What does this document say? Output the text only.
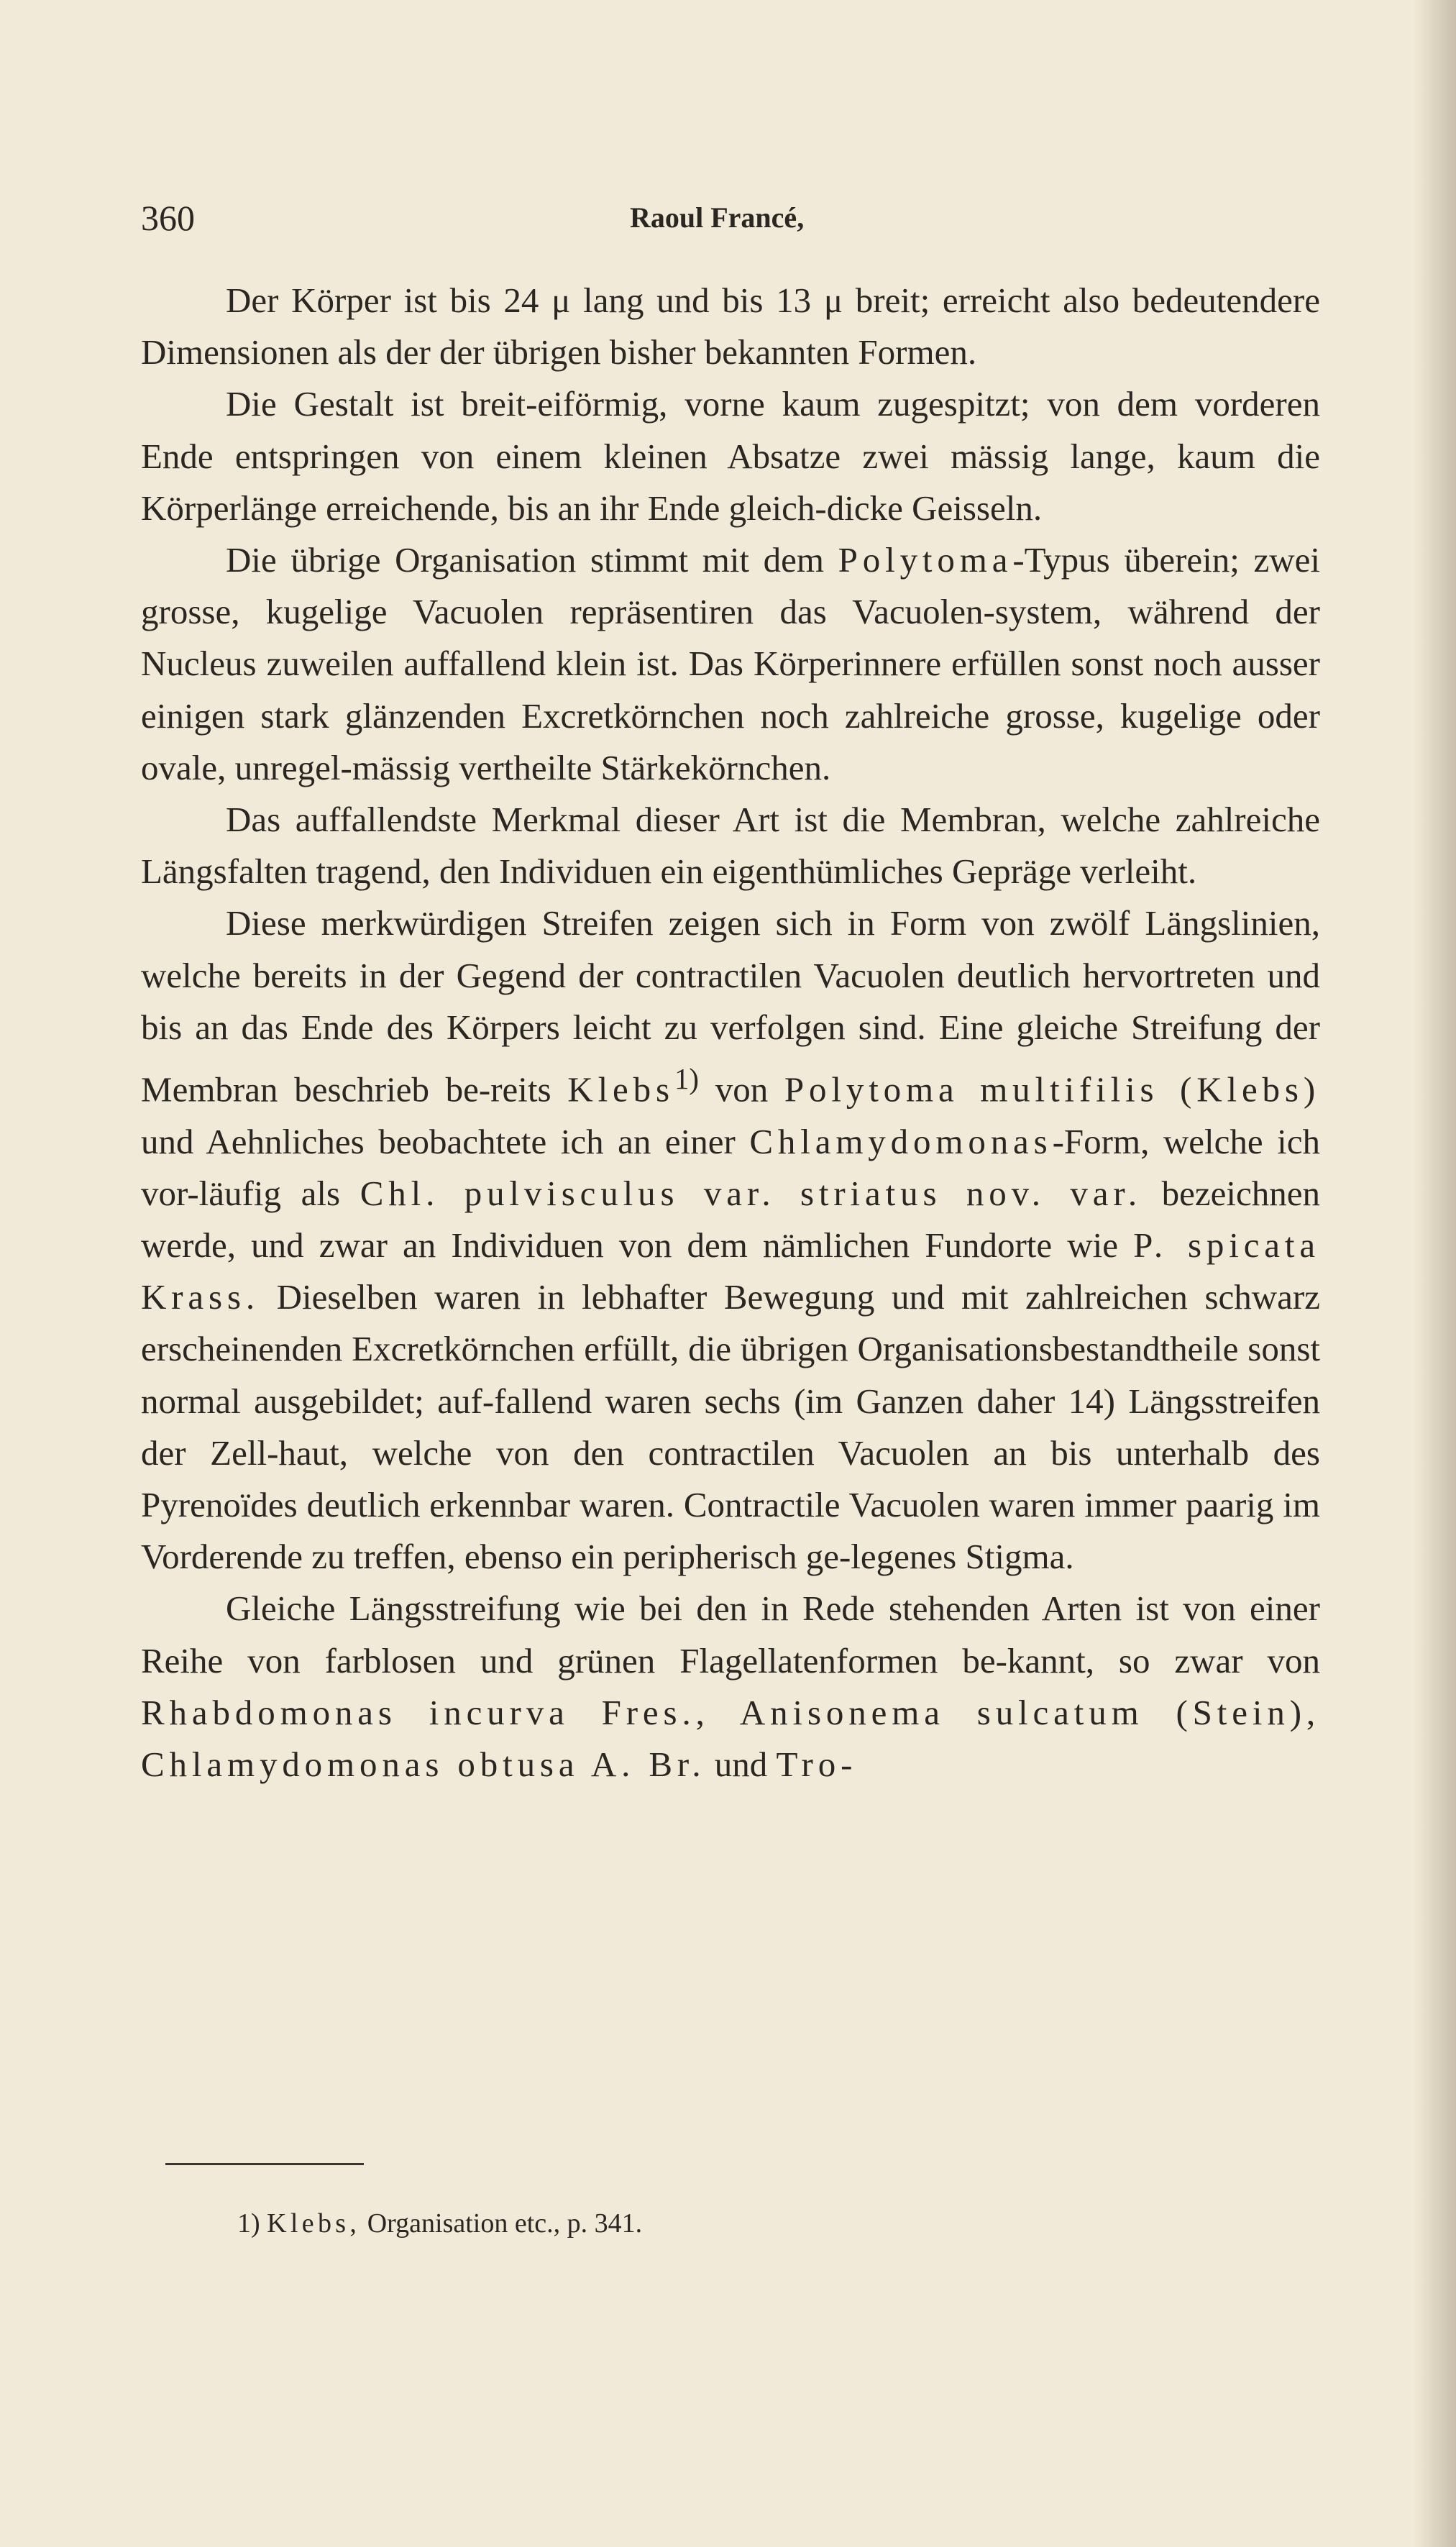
360	Raoul Francé,

Der Körper ist bis 24 μ lang und bis 13 μ breit; erreicht also bedeutendere Dimensionen als der der übrigen bisher bekannten Formen.

Die Gestalt ist breit-eiförmig, vorne kaum zugespitzt; von dem vorderen Ende entspringen von einem kleinen Absatze zwei mässig lange, kaum die Körperlänge erreichende, bis an ihr Ende gleich-dicke Geisseln.

Die übrige Organisation stimmt mit dem Polytoma-Typus überein; zwei grosse, kugelige Vacuolen repräsentiren das Vacuolen-system, während der Nucleus zuweilen auffallend klein ist. Das Körperinnere erfüllen sonst noch ausser einigen stark glänzenden Excretkörnchen noch zahlreiche grosse, kugelige oder ovale, unregel-mässig vertheilte Stärkekörnchen.

Das auffallendste Merkmal dieser Art ist die Membran, welche zahlreiche Längsfalten tragend, den Individuen ein eigenthümliches Gepräge verleiht.

Diese merkwürdigen Streifen zeigen sich in Form von zwölf Längslinien, welche bereits in der Gegend der contractilen Vacuolen deutlich hervortreten und bis an das Ende des Körpers leicht zu verfolgen sind. Eine gleiche Streifung der Membran beschrieb be-reits Klebs$^{1)}$ von Polytoma multifilis (Klebs) und Aehnliches beobachtete ich an einer Chlamydomonas-Form, welche ich vor-läufig als Chl. pulvisculus var. striatus nov. var. bezeichnen werde, und zwar an Individuen von dem nämlichen Fundorte wie P. spicata Krass. Dieselben waren in lebhafter Bewegung und mit zahlreichen schwarz erscheinenden Excretkörnchen erfüllt, die übrigen Organisationsbestandtheile sonst normal ausgebildet; auf-fallend waren sechs (im Ganzen daher 14) Längsstreifen der Zell-haut, welche von den contractilen Vacuolen an bis unterhalb des Pyrenoïdes deutlich erkennbar waren. Contractile Vacuolen waren immer paarig im Vorderende zu treffen, ebenso ein peripherisch ge-legenes Stigma.

Gleiche Längsstreifung wie bei den in Rede stehenden Arten ist von einer Reihe von farblosen und grünen Flagellatenformen be-kannt, so zwar von Rhabdomonas incurva Fres., Anisonema sulcatum (Stein), Chlamydomonas obtusa A. Br. und Tro-

1) Klebs, Organisation etc., p. 341.
